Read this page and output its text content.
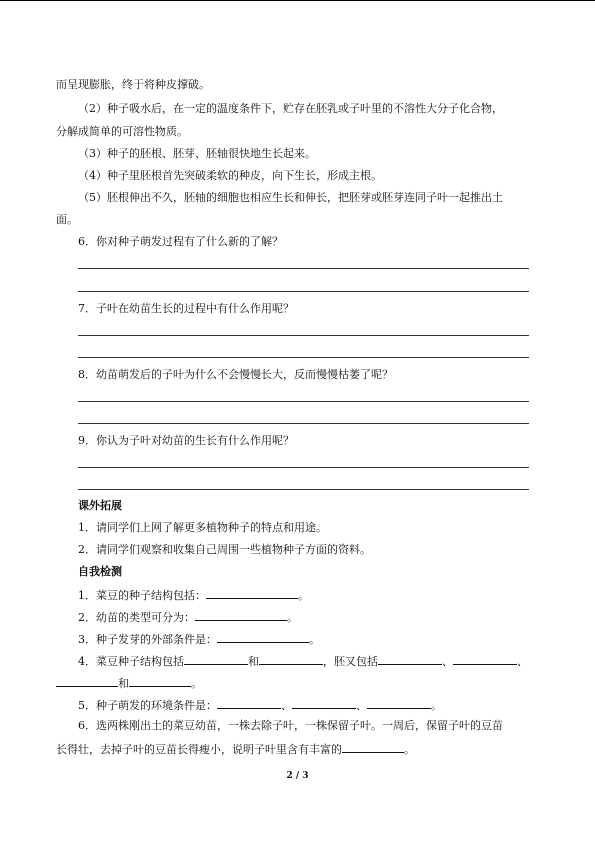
而呈现膨胀，终于将种皮撑破。
（2）种子吸水后，在一定的温度条件下，贮存在胚乳或子叶里的不溶性大分子化合物，
分解成简单的可溶性物质。
（3）种子的胚根、胚芽、胚轴很快地生长起来。
（4）种子里胚根首先突破柔软的种皮，向下生长，形成主根。
（5）胚根伸出不久，胚轴的细胞也相应生长和伸长，把胚芽或胚芽连同子叶一起推出土
面。
6．你对种子萌发过程有了什么新的了解？
7．子叶在幼苗生长的过程中有什么作用呢？
8．幼苗萌发后的子叶为什么不会慢慢长大，反而慢慢枯萎了呢？
9．你认为子叶对幼苗的生长有什么作用呢？
课外拓展
1．请同学们上网了解更多植物种子的特点和用途。
2．请同学们观察和收集自己周围一些植物种子方面的资料。
自我检测
1．菜豆的种子结构包括：	。
2．幼苗的类型可分为：	。
3．种子发芽的外部条件是：	。
4．菜豆种子结构包括	和	，胚又包括	、	、
和	。
5．种子萌发的环境条件是：	、	、	。
6．选两株刚出土的菜豆幼苗，一株去除子叶，一株保留子叶。一周后，保留子叶的豆苗
长得壮，去掉子叶的豆苗长得瘦小，说明子叶里含有丰富的	。
2 / 3
